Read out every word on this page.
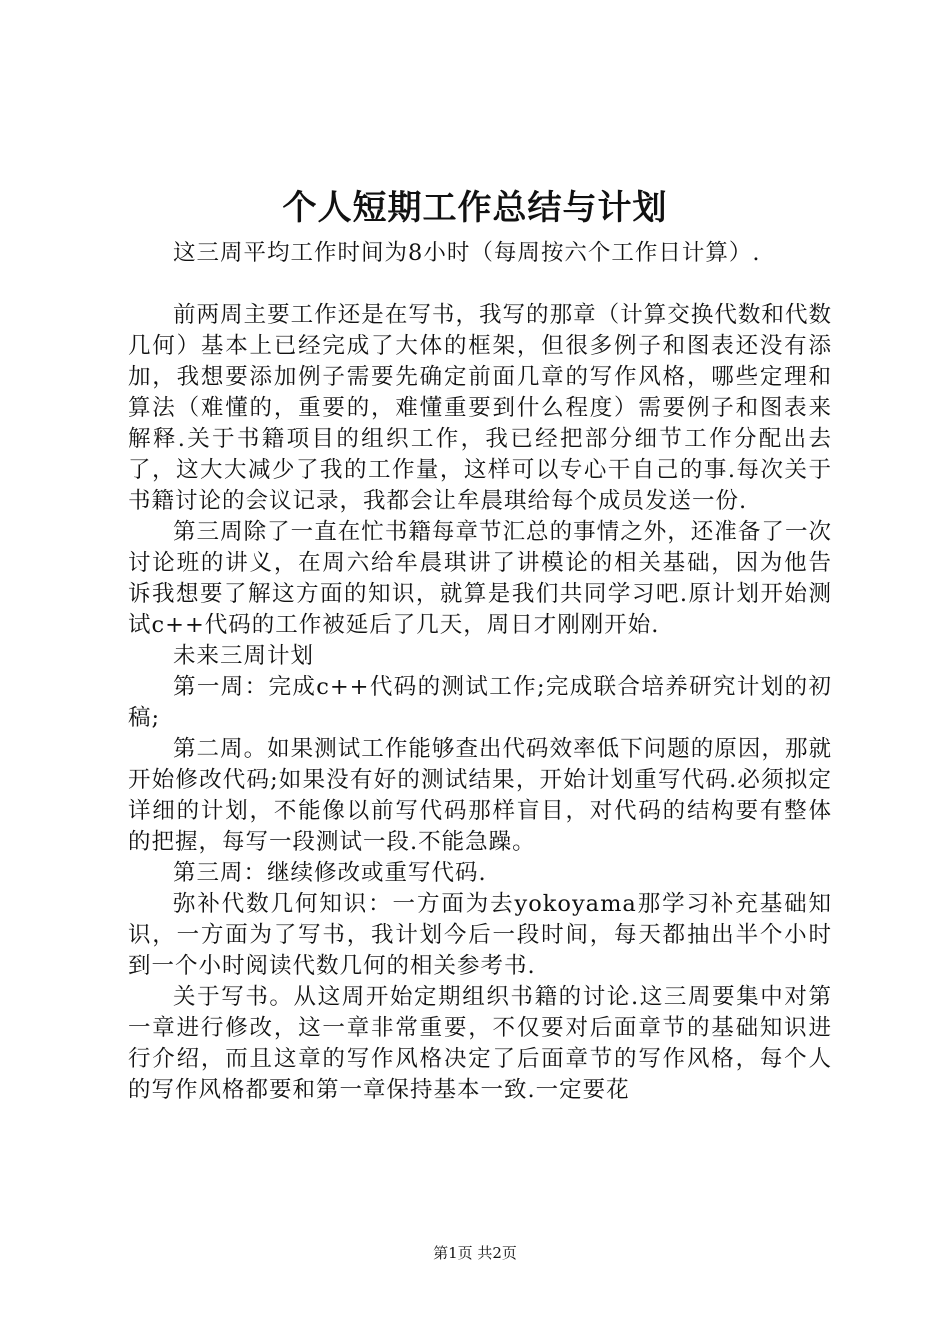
个人短期工作总结与计划

这三周平均工作时间为8小时（每周按六个工作日计算）.

前两周主要工作还是在写书，我写的那章（计算交换代数和代数几何）基本上已经完成了大体的框架，但很多例子和图表还没有添加，我想要添加例子需要先确定前面几章的写作风格，哪些定理和算法（难懂的，重要的，难懂重要到什么程度）需要例子和图表来解释.关于书籍项目的组织工作，我已经把部分细节工作分配出去了，这大大减少了我的工作量，这样可以专心干自己的事.每次关于书籍讨论的会议记录，我都会让牟晨琪给每个成员发送一份.

第三周除了一直在忙书籍每章节汇总的事情之外，还准备了一次讨论班的讲义，在周六给牟晨琪讲了讲模论的相关基础，因为他告诉我想要了解这方面的知识，就算是我们共同学习吧.原计划开始测试c++代码的工作被延后了几天，周日才刚刚开始.

未来三周计划

第一周：完成c++代码的测试工作;完成联合培养研究计划的初稿;

第二周。如果测试工作能够查出代码效率低下问题的原因，那就开始修改代码;如果没有好的测试结果，开始计划重写代码.必须拟定详细的计划，不能像以前写代码那样盲目，对代码的结构要有整体的把握，每写一段测试一段.不能急躁。

第三周：继续修改或重写代码.

弥补代数几何知识：一方面为去yokoyama那学习补充基础知识，一方面为了写书，我计划今后一段时间，每天都抽出半个小时到一个小时阅读代数几何的相关参考书.

关于写书。从这周开始定期组织书籍的讨论.这三周要集中对第一章进行修改，这一章非常重要，不仅要对后面章节的基础知识进行介绍，而且这章的写作风格决定了后面章节的写作风格，每个人的写作风格都要和第一章保持基本一致.一定要花

第1页 共2页
